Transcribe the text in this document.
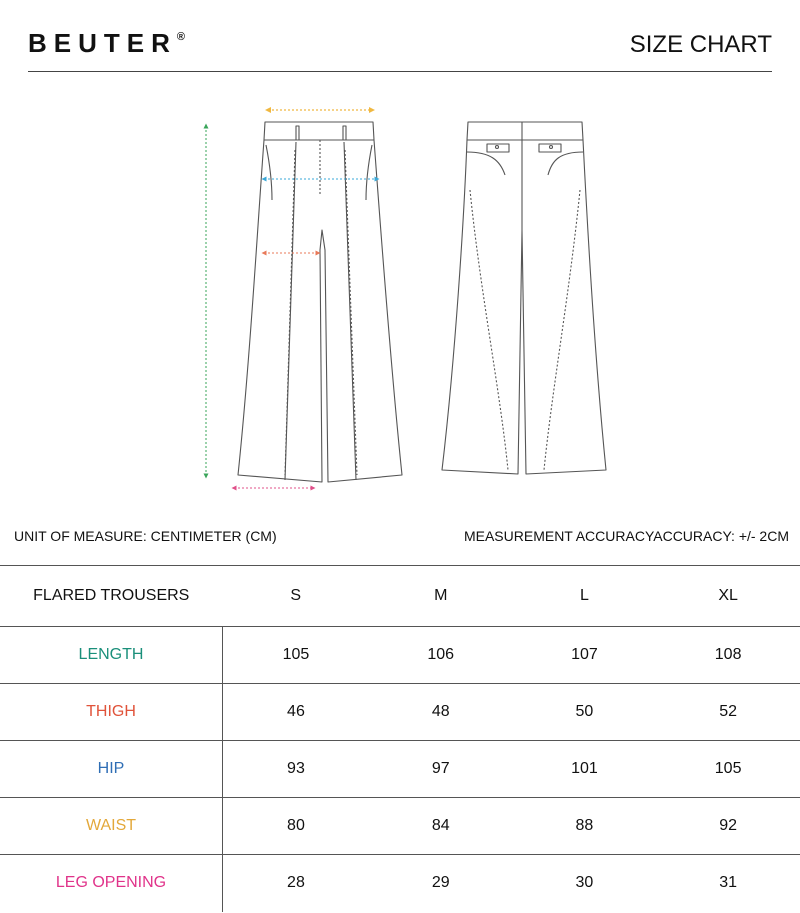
BEUTER®	SIZE CHART
UNIT OF MEASURE: CENTIMETER (CM)	MEASUREMENT ACCURACYACCURACY: +/- 2CM
FLARED TROUSERS	S	M	L	XL
LENGTH	105	106	107	108
THIGH	46	48	50	52
HIP	93	97	101	105
WAIST	80	84	88	92
LEG OPENING	28	29	30	31
